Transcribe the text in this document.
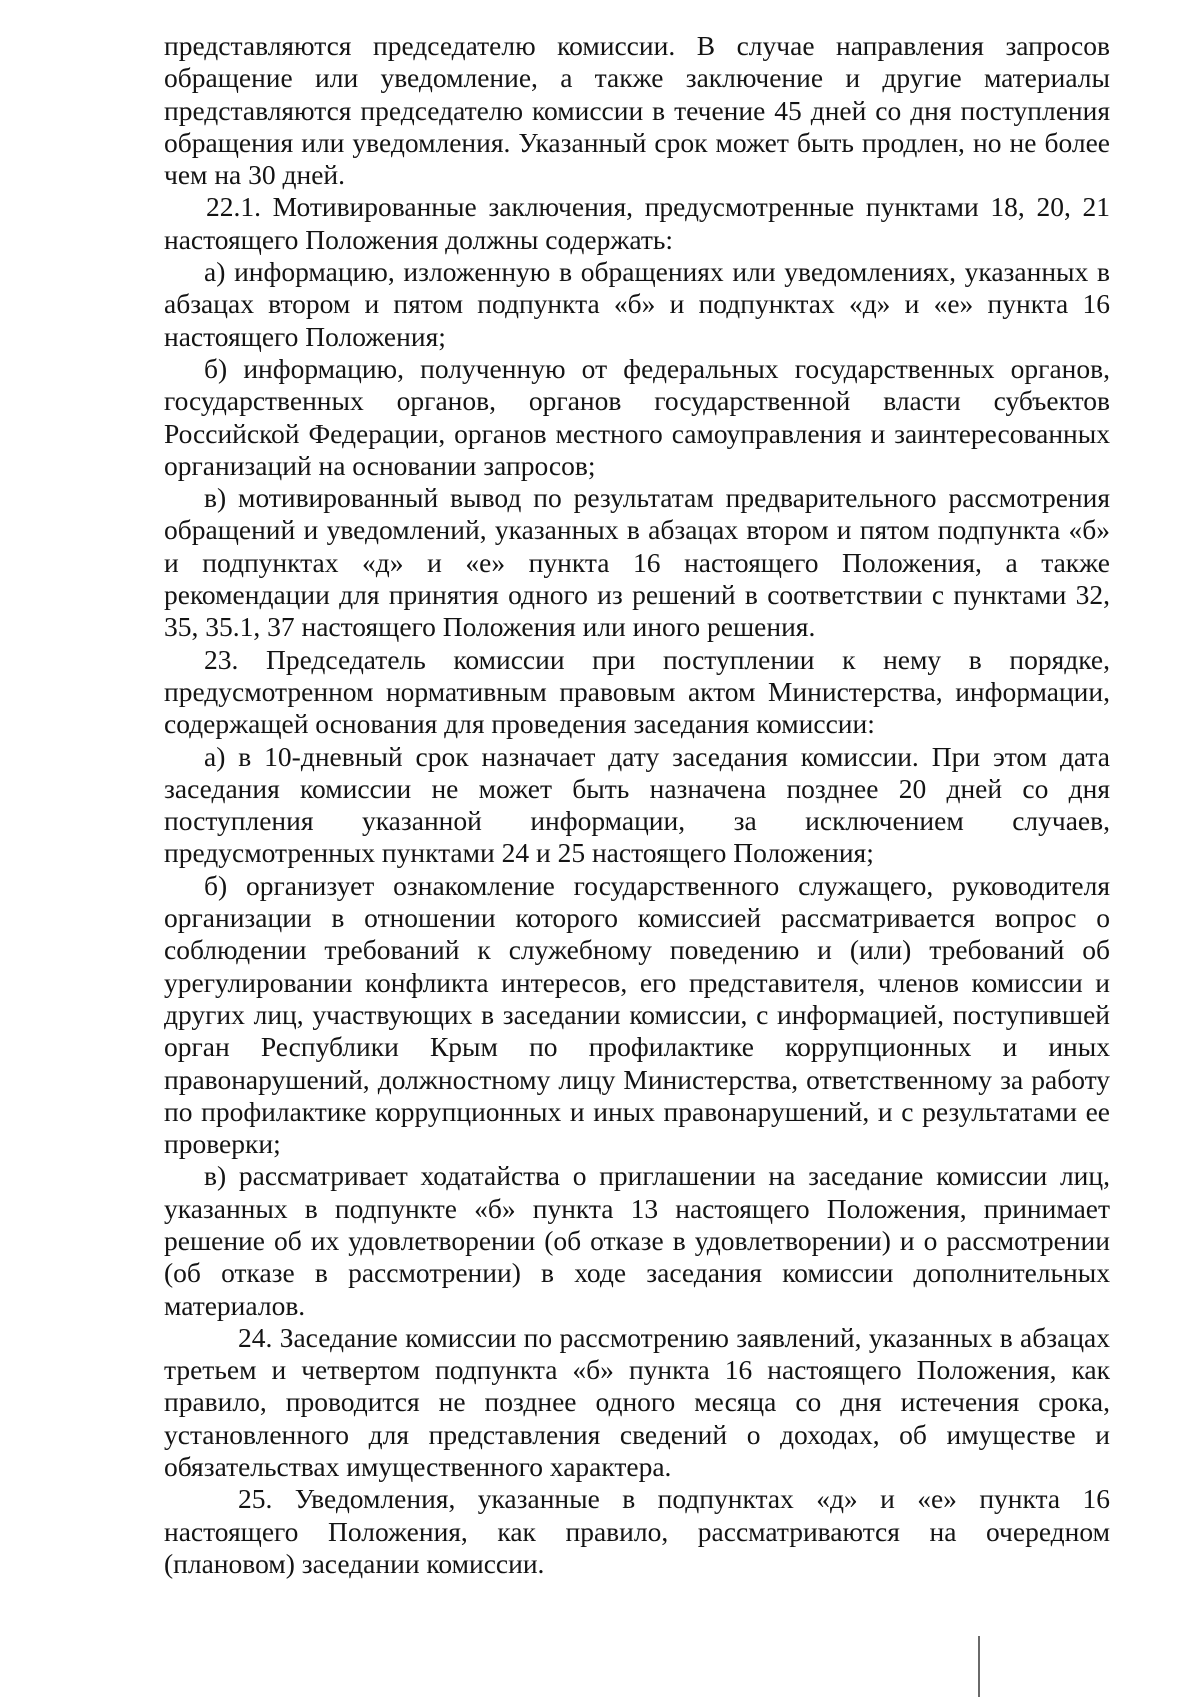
представляются председателю комиссии. В случае направления запросов обращение или уведомление, а также заключение и другие материалы представляются председателю комиссии в течение 45 дней со дня поступления обращения или уведомления. Указанный срок может быть продлен, но не более чем на 30 дней.

22.1. Мотивированные заключения, предусмотренные пунктами 18, 20, 21 настоящего Положения должны содержать:

а) информацию, изложенную в обращениях или уведомлениях, указанных в абзацах втором и пятом подпункта «б» и подпунктах «д» и «е» пункта 16 настоящего Положения;

б) информацию, полученную от федеральных государственных органов, государственных органов, органов государственной власти субъектов Российской Федерации, органов местного самоуправления и заинтересованных организаций на основании запросов;

в) мотивированный вывод по результатам предварительного рассмотрения обращений и уведомлений, указанных в абзацах втором и пятом подпункта «б» и подпунктах «д» и «е» пункта 16 настоящего Положения, а также рекомендации для принятия одного из решений в соответствии с пунктами 32, 35, 35.1, 37 настоящего Положения или иного решения.

23. Председатель комиссии при поступлении к нему в порядке, предусмотренном нормативным правовым актом Министерства, информации, содержащей основания для проведения заседания комиссии:

а) в 10-дневный срок назначает дату заседания комиссии. При этом дата заседания комиссии не может быть назначена позднее 20 дней со дня поступления указанной информации, за исключением случаев, предусмотренных пунктами 24 и 25 настоящего Положения;

б) организует ознакомление государственного служащего, руководителя организации в отношении которого комиссией рассматривается вопрос о соблюдении требований к служебному поведению и (или) требований об урегулировании конфликта интересов, его представителя, членов комиссии и других лиц, участвующих в заседании комиссии, с информацией, поступившей орган Республики Крым по профилактике коррупционных и иных правонарушений, должностному лицу Министерства, ответственному за работу по профилактике коррупционных и иных правонарушений, и с результатами ее проверки;

в) рассматривает ходатайства о приглашении на заседание комиссии лиц, указанных в подпункте «б» пункта 13 настоящего Положения, принимает решение об их удовлетворении (об отказе в удовлетворении) и о рассмотрении (об отказе в рассмотрении) в ходе заседания комиссии дополнительных материалов.

24. Заседание комиссии по рассмотрению заявлений, указанных в абзацах третьем и четвертом подпункта «б» пункта 16 настоящего Положения, как правило, проводится не позднее одного месяца со дня истечения срока, установленного для представления сведений о доходах, об имуществе и обязательствах имущественного характера.

25. Уведомления, указанные в подпунктах «д» и «е» пункта 16 настоящего Положения, как правило, рассматриваются на очередном (плановом) заседании комиссии.
